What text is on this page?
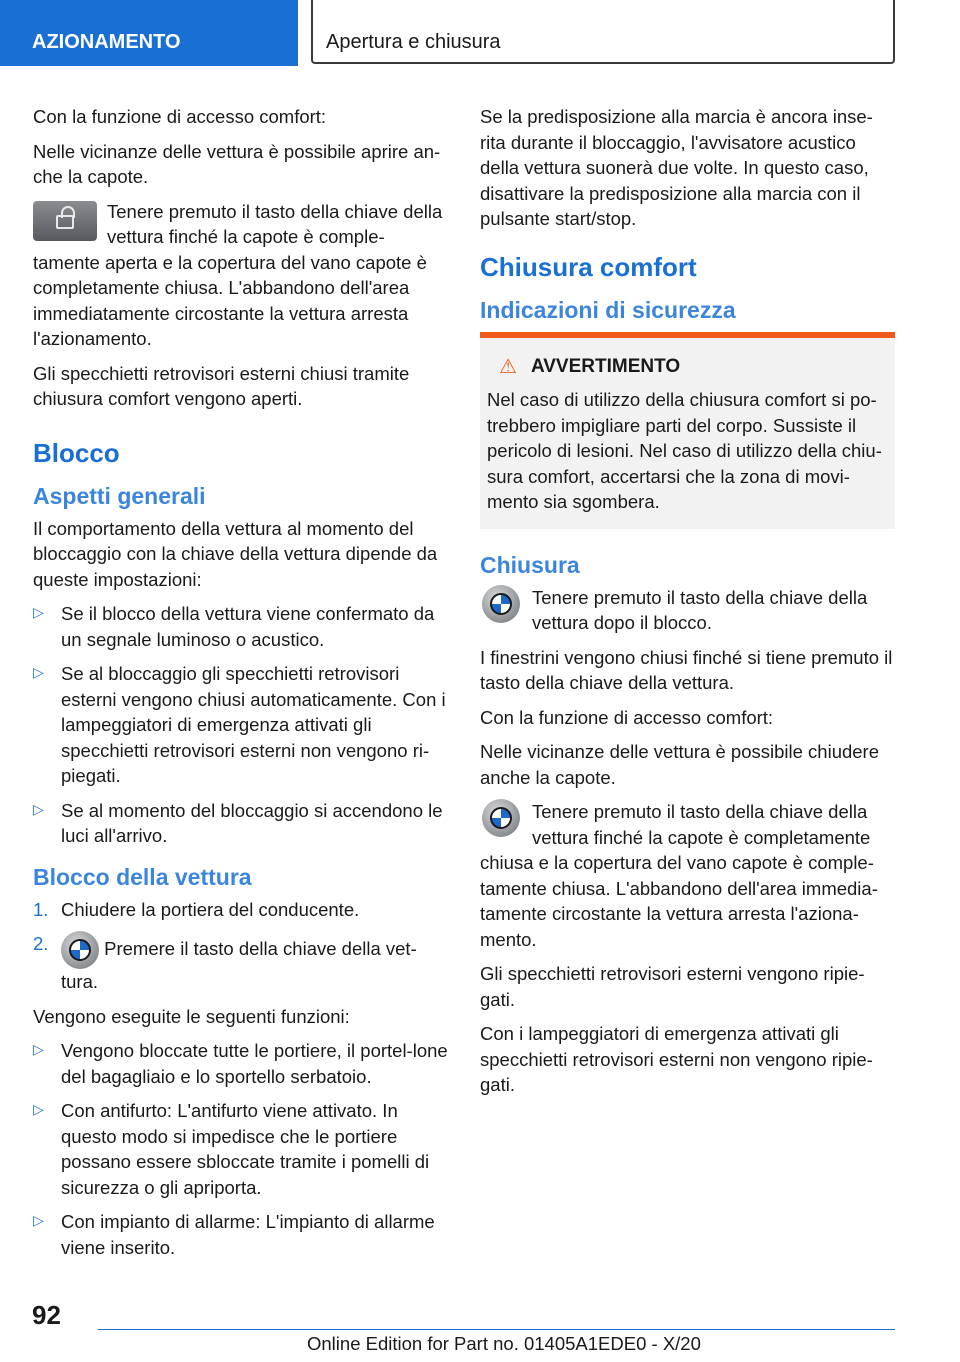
AZIONAMENTO	Apertura e chiusura

Con la funzione di accesso comfort:

Nelle vicinanze delle vettura è possibile aprire an-che la capote.

Tenere premuto il tasto della chiave della vettura finché la capote è comple-tamente aperta e la copertura del vano capote è completamente chiusa. L'abbandono dell'area immediatamente circostante la vettura arresta l'azionamento.

Gli specchietti retrovisori esterni chiusi tramite chiusura comfort vengono aperti.

Blocco
Aspetti generali

Il comportamento della vettura al momento del bloccaggio con la chiave della vettura dipende da queste impostazioni:

▷ Se il blocco della vettura viene confermato da un segnale luminoso o acustico.
▷ Se al bloccaggio gli specchietti retrovisori esterni vengono chiusi automaticamente. Con i lampeggiatori di emergenza attivati gli specchietti retrovisori esterni non vengono ri-piegati.
▷ Se al momento del bloccaggio si accendono le luci all'arrivo.
Blocco della vettura
1. Chiudere la portiera del conducente.
2.	Premere il tasto della chiave della vet-tura.

Vengono eseguite le seguenti funzioni:

▷ Vengono bloccate tutte le portiere, il portel-lone del bagagliaio e lo sportello serbatoio.
▷ Con antifurto: L'antifurto viene attivato. In questo modo si impedisce che le portiere possano essere sbloccate tramite i pomelli di sicurezza o gli apriporta.
▷ Con impianto di allarme: L'impianto di allarme viene inserito.

Se la predisposizione alla marcia è ancora inse-rita durante il bloccaggio, l'avvisatore acustico della vettura suonerà due volte. In questo caso, disattivare la predisposizione alla marcia con il pulsante start/stop.

Chiusura comfort
Indicazioni di sicurezza
⚠ AVVERTIMENTO
Nel caso di utilizzo della chiusura comfort si po-trebbero impigliare parti del corpo. Sussiste il pericolo di lesioni. Nel caso di utilizzo della chiu-sura comfort, accertarsi che la zona di movi-mento sia sgombera.
Chiusura
Tenere premuto il tasto della chiave della vettura dopo il blocco.

I finestrini vengono chiusi finché si tiene premuto il tasto della chiave della vettura.

Con la funzione di accesso comfort:

Nelle vicinanze delle vettura è possibile chiudere anche la capote.

Tenere premuto il tasto della chiave della vettura finché la capote è completamente chiusa e la copertura del vano capote è comple-tamente chiusa. L'abbandono dell'area immedia-tamente circostante la vettura arresta l'aziona-mento.

Gli specchietti retrovisori esterni vengono ripie-gati.

Con i lampeggiatori di emergenza attivati gli specchietti retrovisori esterni non vengono ripie-gati.

92
Online Edition for Part no. 01405A1EDE0 - X/20
